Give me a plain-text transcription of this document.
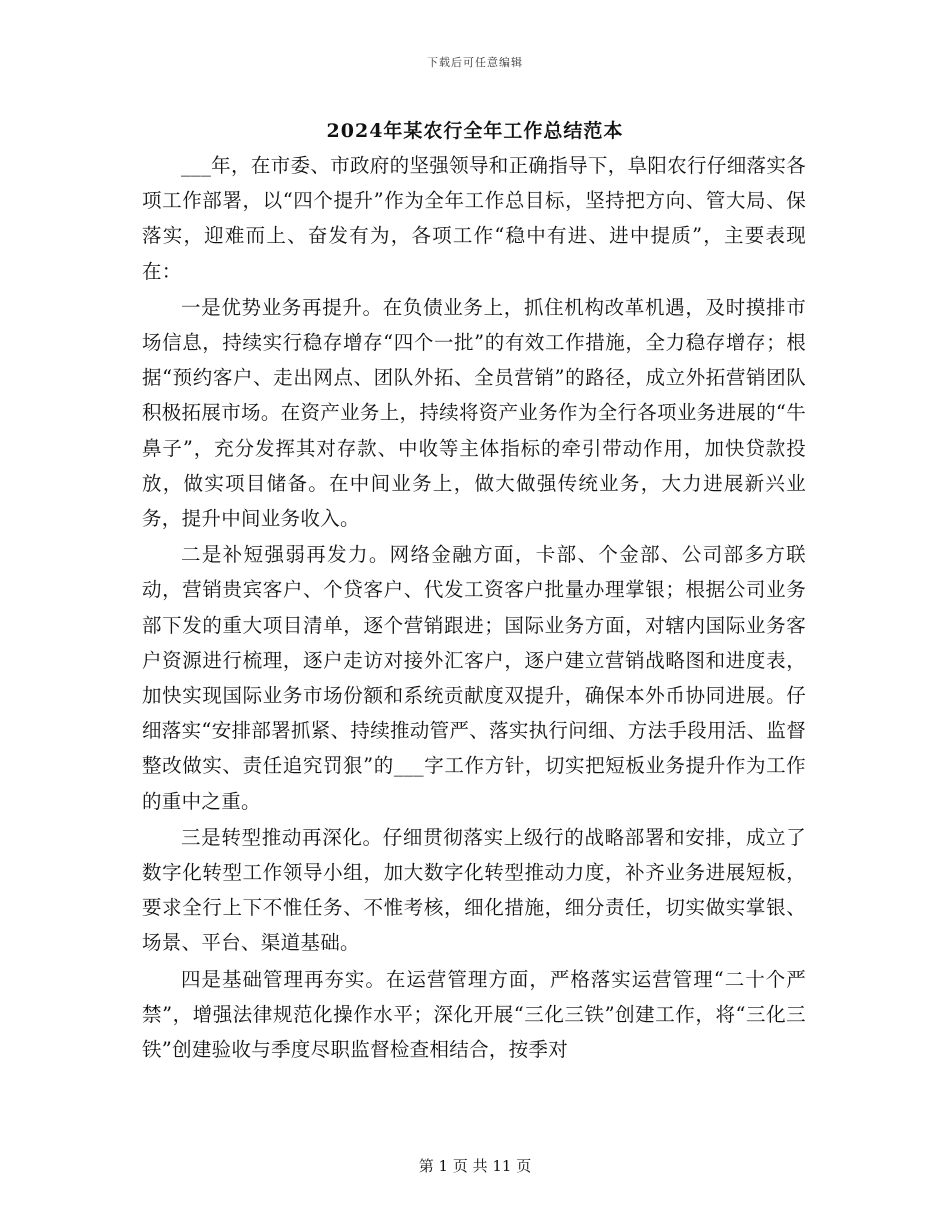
下载后可任意编辑
2024年某农行全年工作总结范本

___年，在市委、市政府的坚强领导和正确指导下，阜阳农行仔细落实各项工作部署，以“四个提升”作为全年工作总目标，坚持把方向、管大局、保落实，迎难而上、奋发有为，各项工作“稳中有进、进中提质”，主要表现在：

一是优势业务再提升。在负债业务上，抓住机构改革机遇，及时摸排市场信息，持续实行稳存增存“四个一批”的有效工作措施，全力稳存增存；根据“预约客户、走出网点、团队外拓、全员营销”的路径，成立外拓营销团队积极拓展市场。在资产业务上，持续将资产业务作为全行各项业务进展的“牛鼻子”，充分发挥其对存款、中收等主体指标的牵引带动作用，加快贷款投放，做实项目储备。在中间业务上，做大做强传统业务，大力进展新兴业务，提升中间业务收入。

二是补短强弱再发力。网络金融方面，卡部、个金部、公司部多方联动，营销贵宾客户、个贷客户、代发工资客户批量办理掌银；根据公司业务部下发的重大项目清单，逐个营销跟进；国际业务方面，对辖内国际业务客户资源进行梳理，逐户走访对接外汇客户，逐户建立营销战略图和进度表，加快实现国际业务市场份额和系统贡献度双提升，确保本外币协同进展。仔细落实“安排部署抓紧、持续推动管严、落实执行问细、方法手段用活、监督整改做实、责任追究罚狠”的___字工作方针，切实把短板业务提升作为工作的重中之重。

三是转型推动再深化。仔细贯彻落实上级行的战略部署和安排，成立了数字化转型工作领导小组，加大数字化转型推动力度，补齐业务进展短板，要求全行上下不惟任务、不惟考核，细化措施，细分责任，切实做实掌银、场景、平台、渠道基础。

四是基础管理再夯实。在运营管理方面，严格落实运营管理“二十个严禁”，增强法律规范化操作水平；深化开展“三化三铁”创建工作，将“三化三铁”创建验收与季度尽职监督检查相结合，按季对

第 1 页 共 11 页
